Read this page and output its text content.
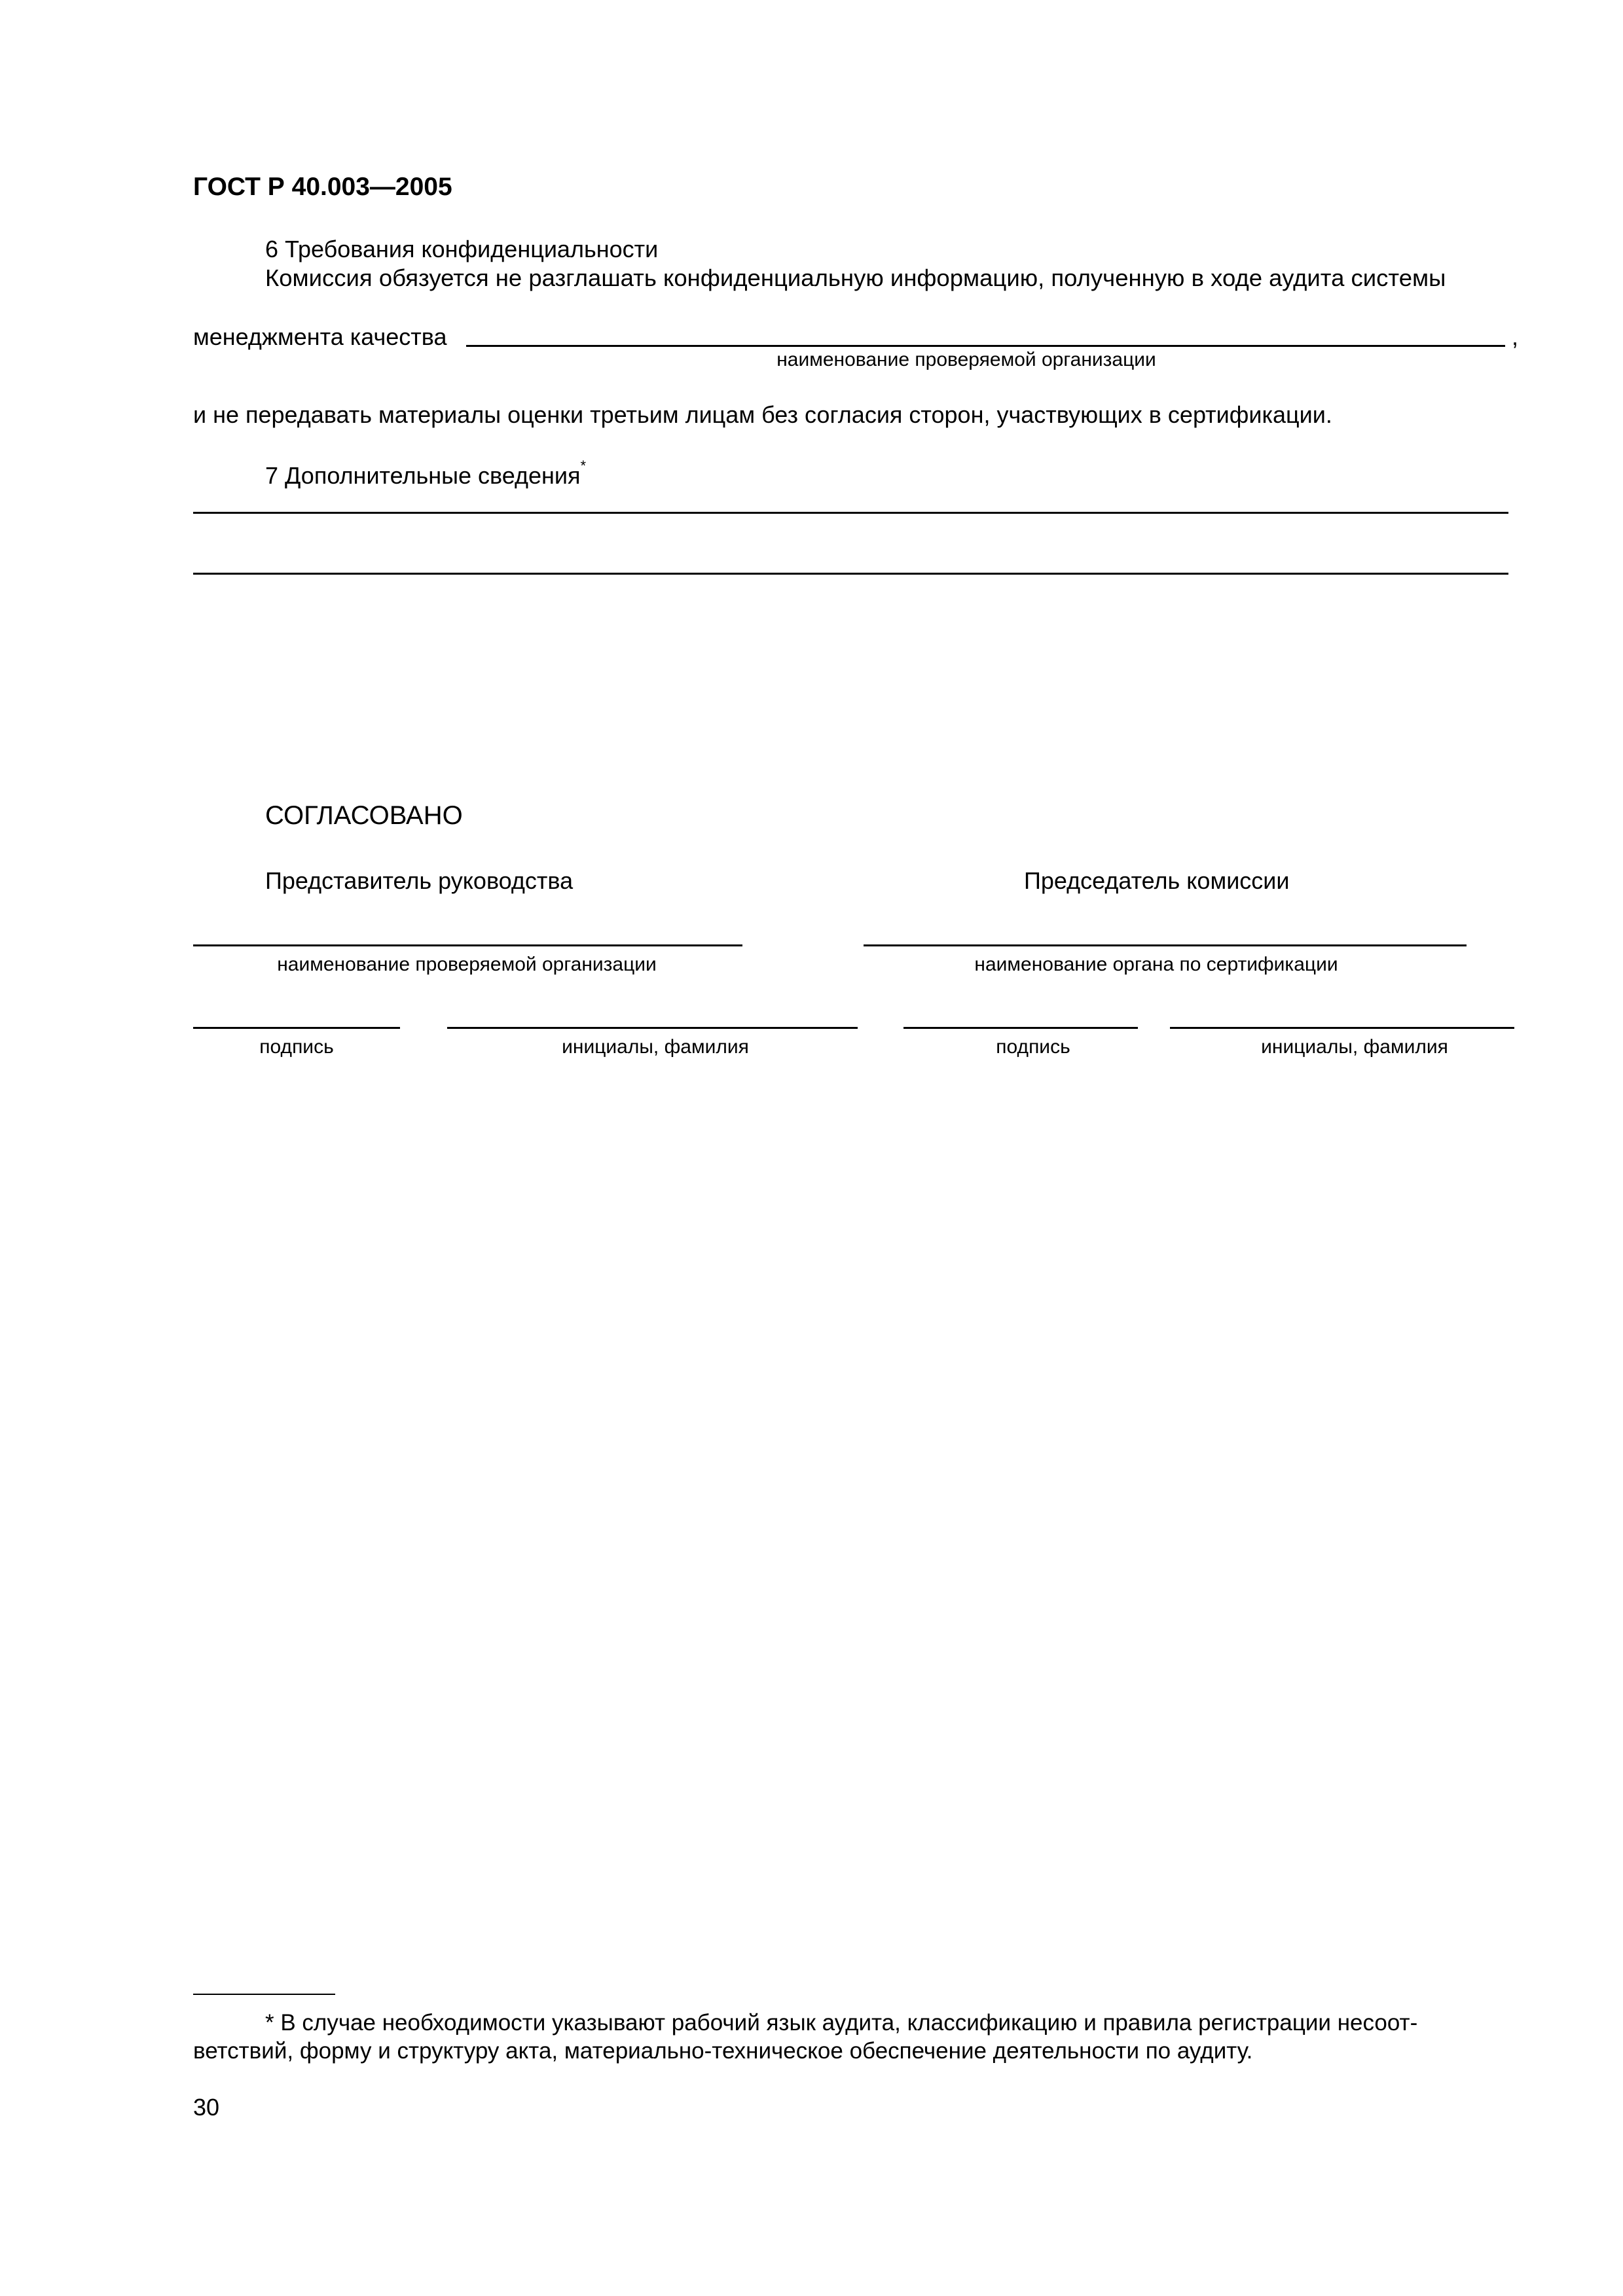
ГОСТ Р 40.003—2005
6 Требования конфиденциальности
Комиссия обязуется не разглашать конфиденциальную информацию, полученную в ходе аудита системы
менеджмента качества	,
наименование проверяемой организации
и не передавать материалы оценки третьим лицам без согласия сторон, участвующих в сертификации.
7 Дополнительные сведения*
СОГЛАСОВАНО
Представитель руководства	Председатель комиссии
наименование проверяемой организации	наименование органа по сертификации
подпись	инициалы, фамилия	подпись	инициалы, фамилия
* В случае необходимости указывают рабочий язык аудита, классификацию и правила регистрации несоот-
ветствий, форму и структуру акта, материально-техническое обеспечение деятельности по аудиту.
30
